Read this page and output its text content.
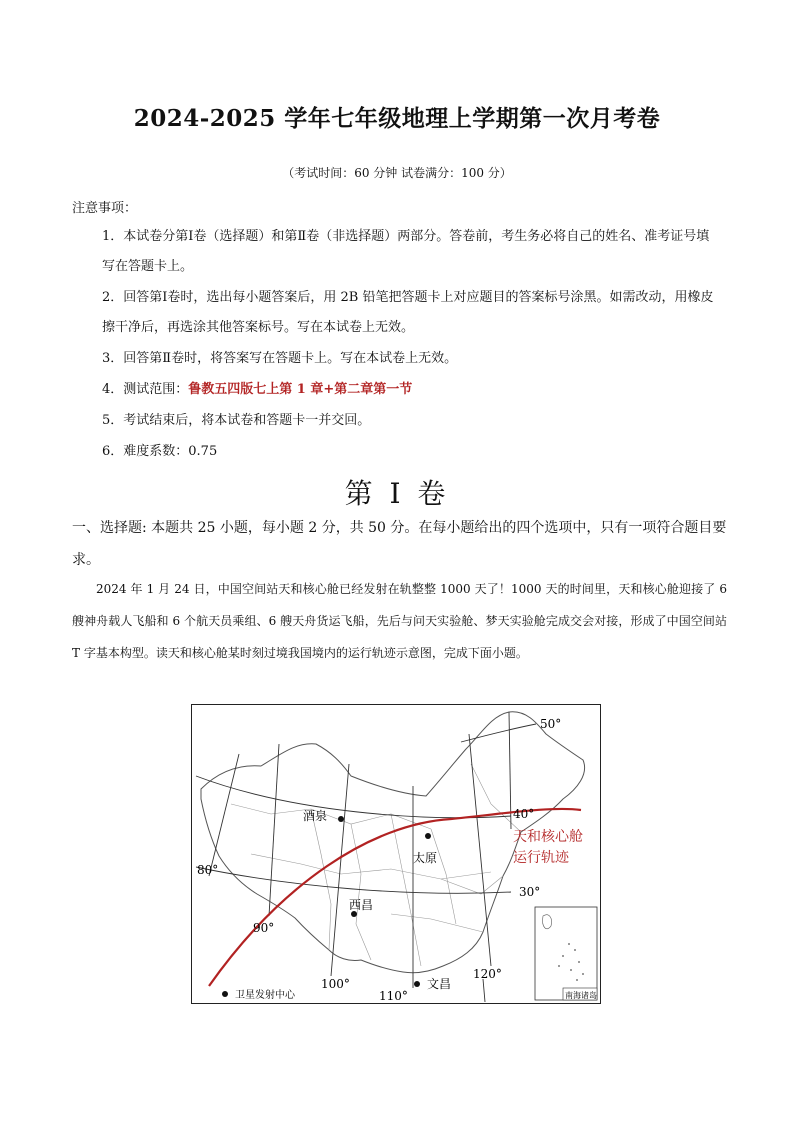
2024-2025 学年七年级地理上学期第一次月考卷
（考试时间：60 分钟 试卷满分：100 分）
注意事项：
1．本试卷分第Ⅰ卷（选择题）和第Ⅱ卷（非选择题）两部分。答卷前，考生务必将自己的姓名、准考证号填写在答题卡上。
2．回答第Ⅰ卷时，选出每小题答案后，用 2B 铅笔把答题卡上对应题目的答案标号涂黑。如需改动，用橡皮擦干净后，再选涂其他答案标号。写在本试卷上无效。
3．回答第Ⅱ卷时，将答案写在答题卡上。写在本试卷上无效。
4．测试范围：鲁教五四版七上第 1 章+第二章第一节
5．考试结束后，将本试卷和答题卡一并交回。
6．难度系数：0.75
第 I 卷
一、选择题: 本题共 25 小题，每小题 2 分，共 50 分。在每小题给出的四个选项中，只有一项符合题目要求。
2024 年 1 月 24 日，中国空间站天和核心舱已经发射在轨整整 1000 天了！1000 天的时间里，天和核心舱迎接了 6 艘神舟载人飞船和 6 个航天员乘组、6 艘天舟货运飞船，先后与问天实验舱、梦天实验舱完成交会对接，形成了中国空间站 T 字基本构型。读天和核心舱某时刻过境我国境内的运行轨迹示意图，完成下面小题。
天和核心舱
运行轨迹
酒泉
太原
西昌
文昌
50°
40°
30°
80°
90°
100°
110°
120°
卫星发射中心	南海诸岛
